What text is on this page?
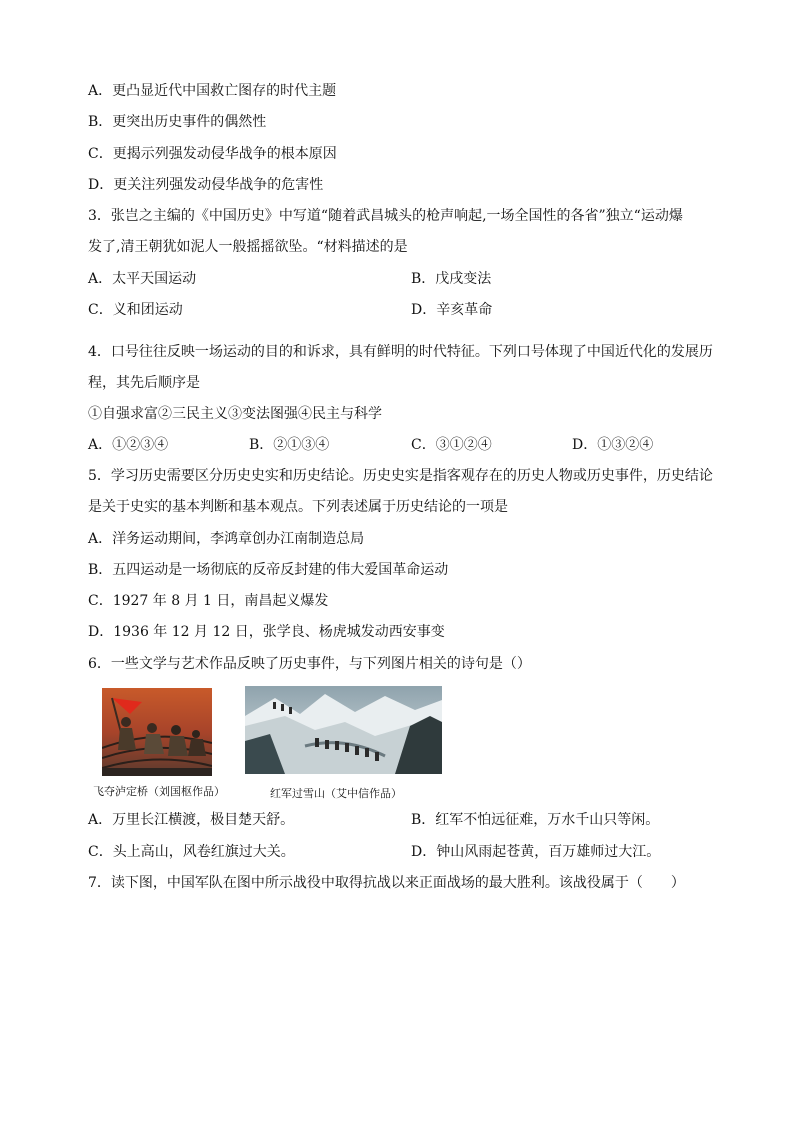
A．更凸显近代中国救亡图存的时代主题
B．更突出历史事件的偶然性
C．更揭示列强发动侵华战争的根本原因
D．更关注列强发动侵华战争的危害性
3．张岂之主编的《中国历史》中写道“随着武昌城头的枪声响起,一场全国性的各省”独立“运动爆
发了,清王朝犹如泥人一般摇摇欲坠。“材料描述的是
A．太平天国运动	B．戊戌变法
C．义和团运动	D．辛亥革命
4．口号往往反映一场运动的目的和诉求，具有鲜明的时代特征。下列口号体现了中国近代化的发展历
程，其先后顺序是
①自强求富②三民主义③变法图强④民主与科学
A．①②③④	B．②①③④	C．③①②④	D．①③②④
5．学习历史需要区分历史史实和历史结论。历史史实是指客观存在的历史人物或历史事件，历史结论
是关于史实的基本判断和基本观点。下列表述属于历史结论的一项是
A．洋务运动期间，李鸿章创办江南制造总局
B．五四运动是一场彻底的反帝反封建的伟大爱国革命运动
C．1927 年 8 月 1 日，南昌起义爆发
D．1936 年 12 月 12 日，张学良、杨虎城发动西安事变
6．一些文学与艺术作品反映了历史事件，与下列图片相关的诗句是（）
飞夺泸定桥（刘国枢作品）	红军过雪山（艾中信作品）
A．万里长江横渡，极目楚天舒。	B．红军不怕远征难，万水千山只等闲。
C．头上高山，风卷红旗过大关。	D．钟山风雨起苍黄，百万雄师过大江。
7．读下图，中国军队在图中所示战役中取得抗战以来正面战场的最大胜利。该战役属于（　　）
